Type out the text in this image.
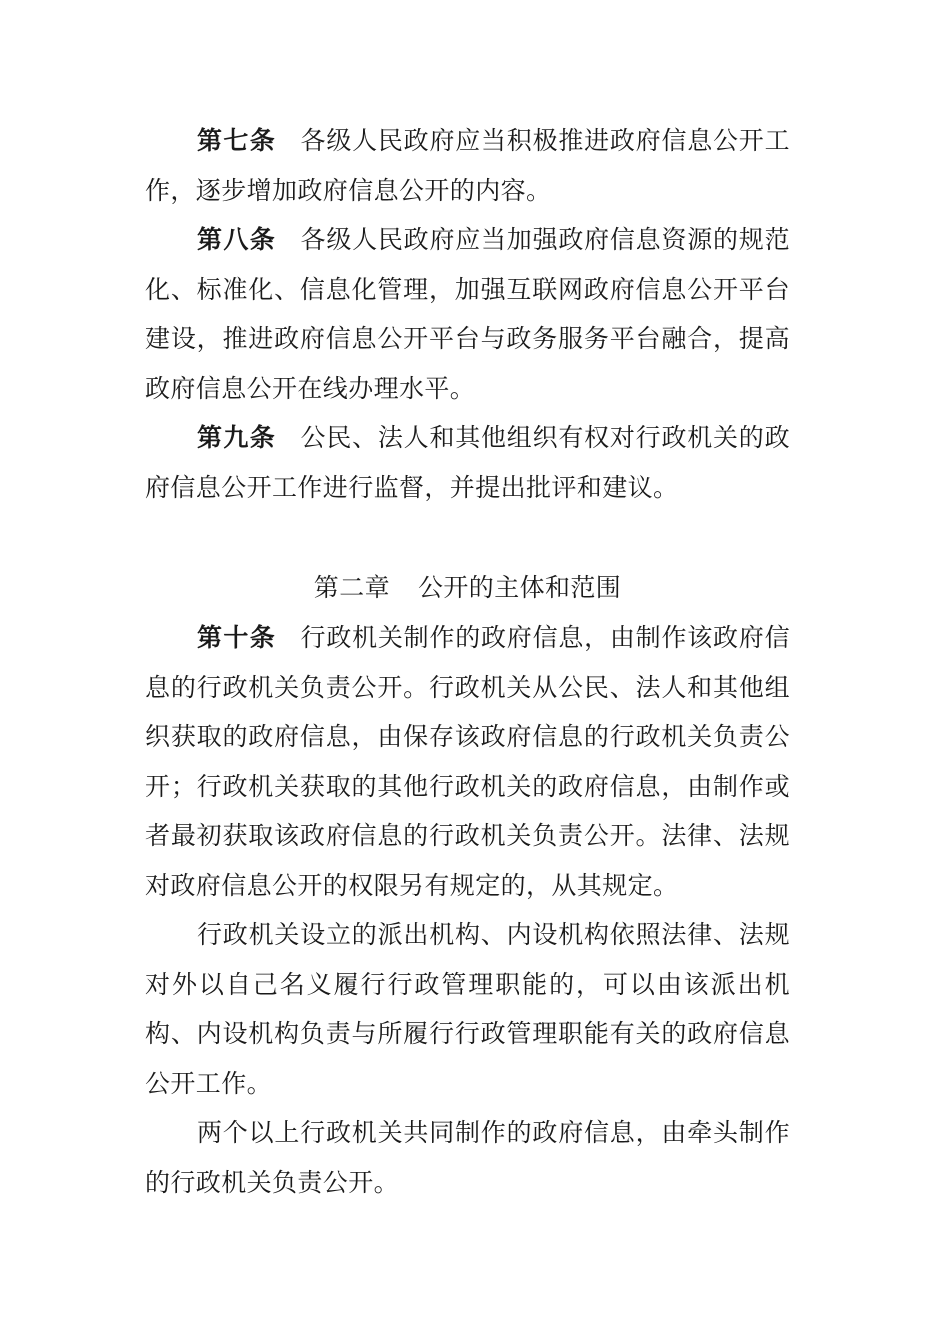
第七条 各级人民政府应当积极推进政府信息公开工作，逐步增加政府信息公开的内容。

第八条 各级人民政府应当加强政府信息资源的规范化、标准化、信息化管理，加强互联网政府信息公开平台建设，推进政府信息公开平台与政务服务平台融合，提高政府信息公开在线办理水平。

第九条 公民、法人和其他组织有权对行政机关的政府信息公开工作进行监督，并提出批评和建议。

第二章 公开的主体和范围

第十条 行政机关制作的政府信息，由制作该政府信息的行政机关负责公开。行政机关从公民、法人和其他组织获取的政府信息，由保存该政府信息的行政机关负责公开；行政机关获取的其他行政机关的政府信息，由制作或者最初获取该政府信息的行政机关负责公开。法律、法规对政府信息公开的权限另有规定的，从其规定。

行政机关设立的派出机构、内设机构依照法律、法规对外以自己名义履行行政管理职能的，可以由该派出机构、内设机构负责与所履行行政管理职能有关的政府信息公开工作。

两个以上行政机关共同制作的政府信息，由牵头制作的行政机关负责公开。
